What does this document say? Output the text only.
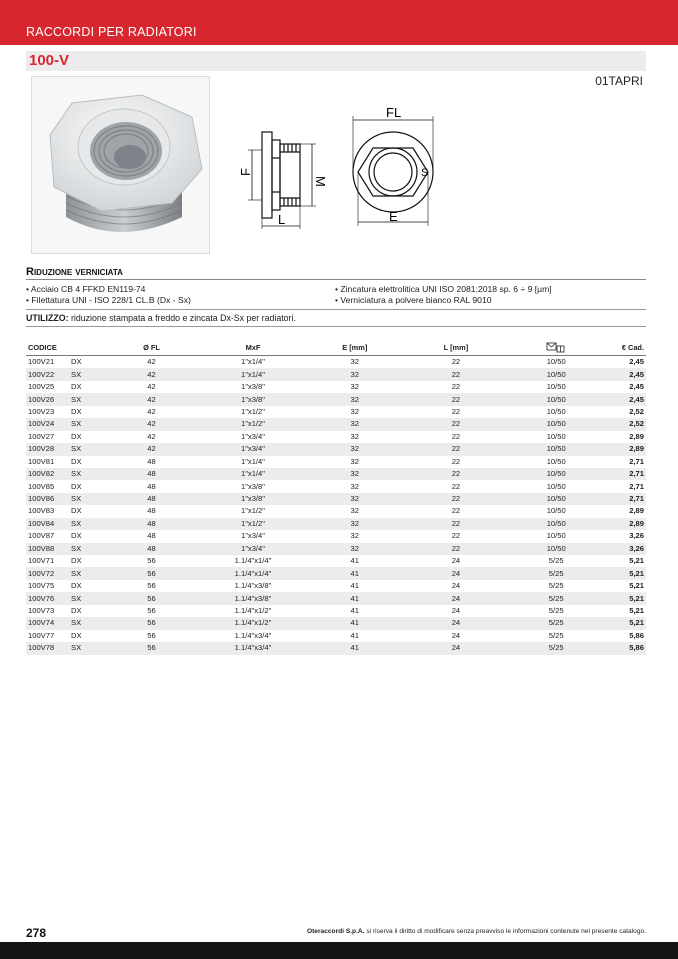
RACCORDI PER RADIATORI
100-V
01TAPRI
FL
F
M
L	E
S
Riduzione verniciata
• Acciaio CB 4 FFKD EN119-74
• Filettatura UNI - ISO 228/1 CL.B (Dx - Sx)
• Zincatura elettrolitica UNI ISO 2081:2018 sp. 6 ÷ 9 [µm]
• Verniciatura a polvere bianco RAL 9010
UTILIZZO: riduzione stampata a freddo e zincata Dx-Sx per radiatori.
CODICE		Ø FL	MxF	E [mm]	L [mm]		€ Cad.
100V21	DX	42	1"x1/4"	32	22	10/50	2,45
100V22	SX	42	1"x1/4"	32	22	10/50	2,45
100V25	DX	42	1"x3/8"	32	22	10/50	2,45
100V26	SX	42	1"x3/8"	32	22	10/50	2,45
100V23	DX	42	1"x1/2"	32	22	10/50	2,52
100V24	SX	42	1"x1/2"	32	22	10/50	2,52
100V27	DX	42	1"x3/4"	32	22	10/50	2,89
100V28	SX	42	1"x3/4"	32	22	10/50	2,89
100V81	DX	48	1"x1/4"	32	22	10/50	2,71
100V82	SX	48	1"x1/4"	32	22	10/50	2,71
100V85	DX	48	1"x3/8"	32	22	10/50	2,71
100V86	SX	48	1"x3/8"	32	22	10/50	2,71
100V83	DX	48	1"x1/2"	32	22	10/50	2,89
100V84	SX	48	1"x1/2"	32	22	10/50	2,89
100V87	DX	48	1"x3/4"	32	22	10/50	3,26
100V88	SX	48	1"x3/4"	32	22	10/50	3,26
100V71	DX	56	1.1/4"x1/4"	41	24	5/25	5,21
100V72	SX	56	1.1/4"x1/4"	41	24	5/25	5,21
100V75	DX	56	1.1/4"x3/8"	41	24	5/25	5,21
100V76	SX	56	1.1/4"x3/8"	41	24	5/25	5,21
100V73	DX	56	1.1/4"x1/2"	41	24	5/25	5,21
100V74	SX	56	1.1/4"x1/2"	41	24	5/25	5,21
100V77	DX	56	1.1/4"x3/4"	41	24	5/25	5,86
100V78	SX	56	1.1/4"x3/4"	41	24	5/25	5,86
278	Oteraccordi S.p.A. si riserva il diritto di modificare senza preavviso le informazioni contenute nel presente catalogo.
